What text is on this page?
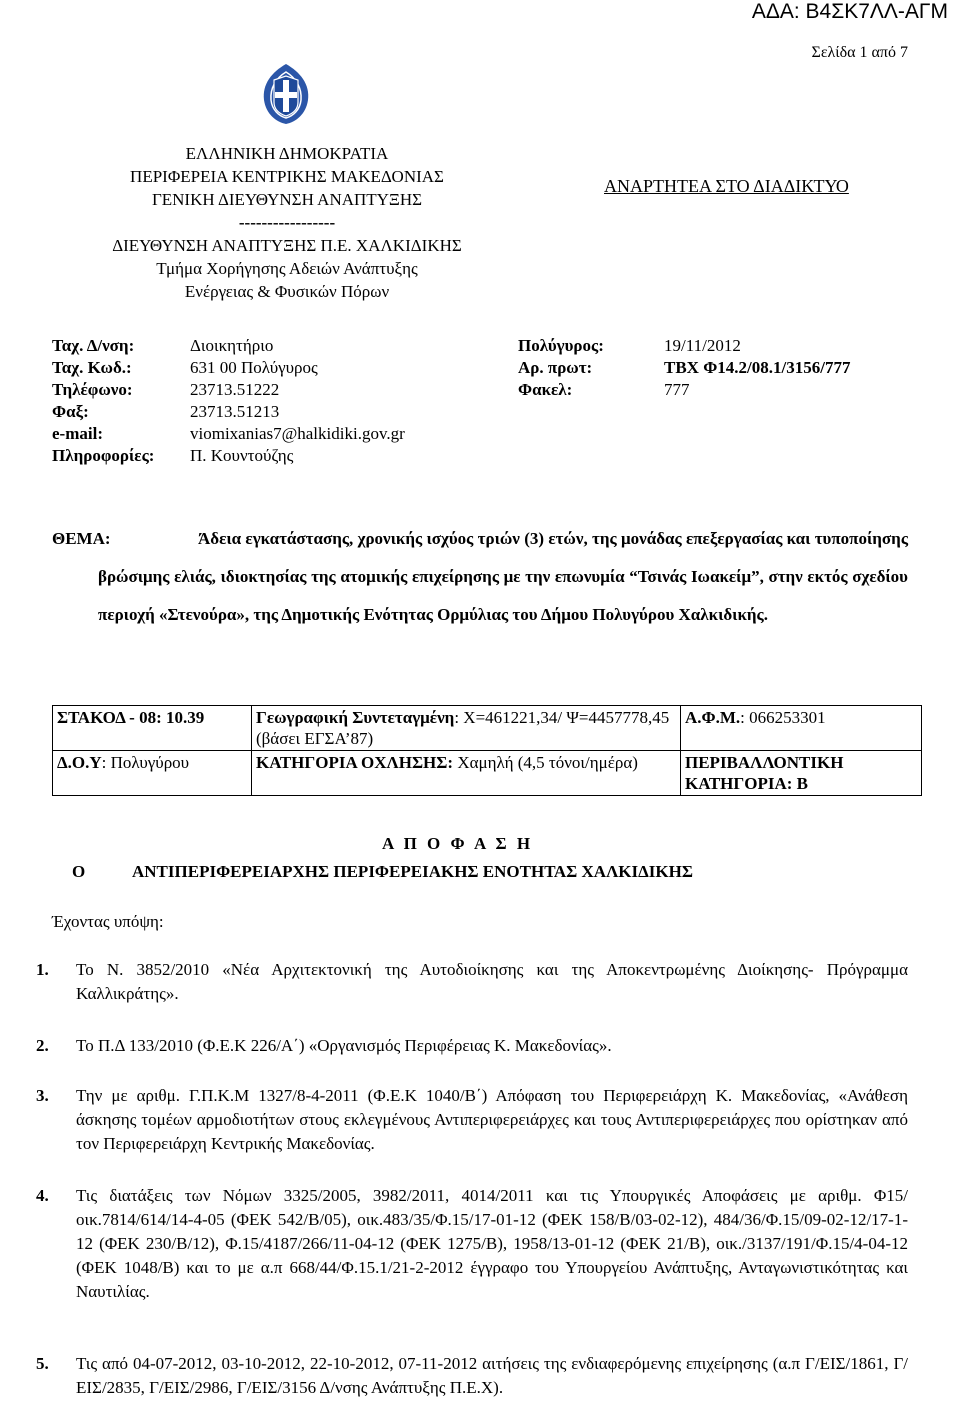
ΑΔΑ: Β4ΣΚ7ΛΛ-ΑΓΜ
Σελίδα 1 από 7
ΕΛΛΗΝΙΚΗ ΔΗΜΟΚΡΑΤΙΑ
ΠΕΡΙΦΕΡΕΙΑ ΚΕΝΤΡΙΚΗΣ ΜΑΚΕΔΟΝΙΑΣ
ΓΕΝΙΚΗ ΔΙΕΥΘΥΝΣΗ ΑΝΑΠΤΥΞΗΣ
-----------------
ΔΙΕΥΘΥΝΣΗ ΑΝΑΠΤΥΞΗΣ Π.Ε. ΧΑΛΚΙΔΙΚΗΣ
Τμήμα Χορήγησης Αδειών Ανάπτυξης
Ενέργειας & Φυσικών Πόρων
ΑΝΑΡΤΗΤΕΑ ΣΤΟ ΔΙΑΔΙΚΤΥΟ
Ταχ. Δ/νση:	Διοικητήριο	Πολύγυρος:	19/11/2012
Ταχ. Κωδ.:	631 00 Πολύγυρος	Αρ. πρωτ:	ΤΒΧ Φ14.2/08.1/3156/777
Τηλέφωνο:	23713.51222	Φακελ:	777
Φαξ:	23713.51213		
e-mail:	viomixanias7@halkidiki.gov.gr		
Πληροφορίες:	Π. Κουντούζης		
ΘΕΜΑ:	Άδεια εγκατάστασης, χρονικής ισχύος τριών (3) ετών, της μονάδας επεξεργασίας και τυποποίησης βρώσιμης ελιάς, ιδιοκτησίας της ατομικής επιχείρησης με την επωνυμία “Τσινάς Ιωακείμ”, στην εκτός σχεδίου περιοχή «Στενούρα», της Δημοτικής Ενότητας Ορμύλιας του Δήμου Πολυγύρου Χαλκιδικής.
ΣΤΑΚΟΔ - 08: 10.39	Γεωγραφική Συντεταγμένη: Χ=461221,34/ Ψ=4457778,45 (βάσει ΕΓΣΑ’87)	Α.Φ.Μ.: 066253301
Δ.Ο.Υ: Πολυγύρου	ΚΑΤΗΓΟΡΙΑ ΟΧΛΗΣΗΣ: Χαμηλή (4,5 τόνοι/ημέρα)	ΠΕΡΙΒΑΛΛΟΝΤΙΚΗ ΚΑΤΗΓΟΡΙΑ: Β
Α Π Ο Φ Α Σ Η
Ο	ΑΝΤΙΠΕΡΙΦΕΡΕΙΑΡΧΗΣ ΠΕΡΙΦΕΡΕΙΑΚΗΣ ΕΝΟΤΗΤΑΣ ΧΑΛΚΙΔΙΚΗΣ
Έχοντας υπόψη:
1. Το Ν. 3852/2010 «Νέα Αρχιτεκτονική της Αυτοδιοίκησης και της Αποκεντρωμένης Διοίκησης- Πρόγραμμα Καλλικράτης».
2. Το Π.Δ 133/2010 (Φ.Ε.Κ 226/Α΄) «Οργανισμός Περιφέρειας Κ. Μακεδονίας».
3. Την με αριθμ. Γ.Π.Κ.Μ 1327/8-4-2011 (Φ.Ε.Κ 1040/Β΄) Απόφαση του Περιφερειάρχη Κ. Μακεδονίας, «Ανάθεση άσκησης τομέων αρμοδιοτήτων στους εκλεγμένους Αντιπεριφερειάρχες και τους Αντιπεριφερειάρχες που ορίστηκαν από τον Περιφερειάρχη Κεντρικής Μακεδονίας.
4. Τις διατάξεις των Νόμων 3325/2005, 3982/2011, 4014/2011 και τις Υπουργικές Αποφάσεις με αριθμ. Φ15/οικ.7814/614/14-4-05 (ΦΕΚ 542/Β/05), οικ.483/35/Φ.15/17-01-12 (ΦΕΚ 158/Β/03-02-12), 484/36/Φ.15/09-02-12/17-1-12 (ΦΕΚ 230/Β/12), Φ.15/4187/266/11-04-12 (ΦΕΚ 1275/Β), 1958/13-01-12 (ΦΕΚ 21/Β), οικ./3137/191/Φ.15/4-04-12 (ΦΕΚ 1048/Β) και το με α.π 668/44/Φ.15.1/21-2-2012 έγγραφο του Υπουργείου Ανάπτυξης, Ανταγωνιστικότητας και Ναυτιλίας.
5. Τις από 04-07-2012, 03-10-2012, 22-10-2012, 07-11-2012 αιτήσεις της ενδιαφερόμενης επιχείρησης (α.π Γ/ΕΙΣ/1861, Γ/ΕΙΣ/2835, Γ/ΕΙΣ/2986, Γ/ΕΙΣ/3156 Δ/νσης Ανάπτυξης Π.Ε.Χ).
